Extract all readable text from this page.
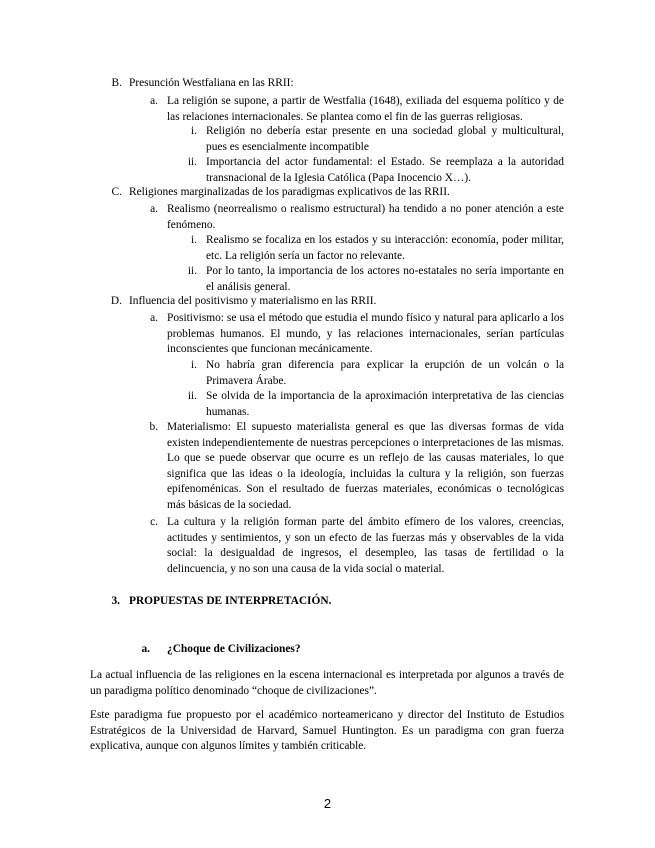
B. Presunción Westfaliana en las RRII:
a. La religión se supone, a partir de Westfalia (1648), exiliada del esquema político y de las relaciones internacionales. Se plantea como el fin de las guerras religiosas.
i. Religión no debería estar presente en una sociedad global y multicultural, pues es esencialmente incompatible
ii. Importancia del actor fundamental: el Estado. Se reemplaza a la autoridad transnacional de la Iglesia Católica (Papa Inocencio X…).
C. Religiones marginalizadas de los paradigmas explicativos de las RRII.
a. Realismo (neorrealismo o realismo estructural) ha tendido a no poner atención a este fenómeno.
i. Realismo se focaliza en los estados y su interacción: economía, poder militar, etc. La religión sería un factor no relevante.
ii. Por lo tanto, la importancia de los actores no-estatales no sería importante en el análisis general.
D. Influencia del positivismo y materialismo en las RRII.
a. Positivismo: se usa el método que estudia el mundo físico y natural para aplicarlo a los problemas humanos. El mundo, y las relaciones internacionales, serían partículas inconscientes que funcionan mecánicamente.
i. No habría gran diferencia para explicar la erupción de un volcán o la Primavera Árabe.
ii. Se olvida de la importancia de la aproximación interpretativa de las ciencias humanas.
b. Materialismo: El supuesto materialista general es que las diversas formas de vida existen independientemente de nuestras percepciones o interpretaciones de las mismas. Lo que se puede observar que ocurre es un reflejo de las causas materiales, lo que significa que las ideas o la ideología, incluidas la cultura y la religión, son fuerzas epifenoménicas. Son el resultado de fuerzas materiales, económicas o tecnológicas más básicas de la sociedad.
c. La cultura y la religión forman parte del ámbito efímero de los valores, creencias, actitudes y sentimientos, y son un efecto de las fuerzas más y observables de la vida social: la desigualdad de ingresos, el desempleo, las tasas de fertilidad o la delincuencia, y no son una causa de la vida social o material.
3. PROPUESTAS DE INTERPRETACIÓN.
a. ¿Choque de Civilizaciones?
La actual influencia de las religiones en la escena internacional es interpretada por algunos a través de un paradigma político denominado “choque de civilizaciones”.
Este paradigma fue propuesto por el académico norteamericano y director del Instituto de Estudios Estratégicos de la Universidad de Harvard, Samuel Huntington. Es un paradigma con gran fuerza explicativa, aunque con algunos límites y también criticable.
2
